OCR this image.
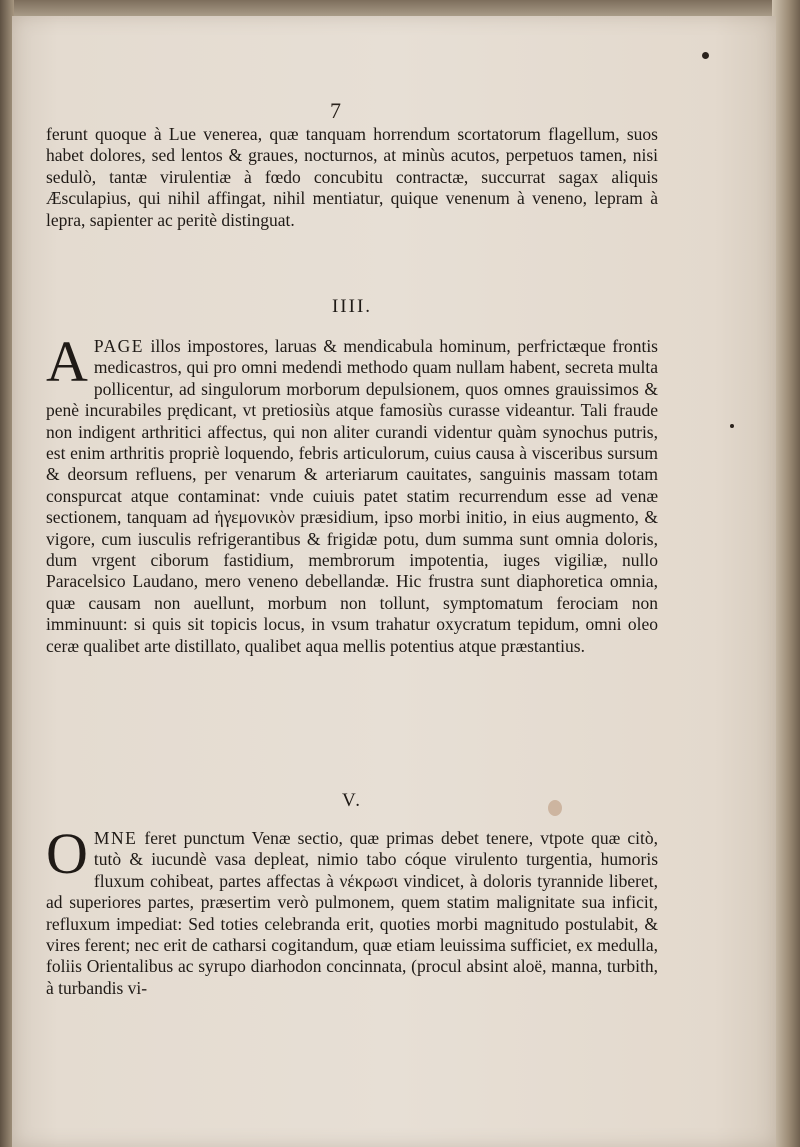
7
ferunt quoque à Lue venerea, quæ tanquam horrendum scortatorum flagellum, suos habet dolores, sed lentos & graues, nocturnos, at minùs acutos, perpetuos tamen, nisi sedulò, tantæ virulentiæ à fœdo concubitu contractæ, succurrat sagax aliquis Æsculapius, qui nihil affingat, nihil mentiatur, quique venenum à veneno, lepram à lepra, sapienter ac peritè distinguat.
IIII.
APAGE illos impostores, laruas & mendicabula hominum, perfrictæque frontis medicastros, qui pro omni medendi methodo quam nullam habent, secreta multa pollicentur, ad singulorum morborum depulsionem, quos omnes grauissimos & penè incurabiles prędicant, vt pretiosiùs atque famosiùs curasse videantur. Tali fraude non indigent arthritici affectus, qui non aliter curandi videntur quàm synochus putris, est enim arthritis propriè loquendo, febris articulorum, cuius causa à visceribus sursum & deorsum refluens, per venarum & arteriarum cauitates, sanguinis massam totam conspurcat atque contaminat: vnde cuiuis patet statim recurrendum esse ad venæ sectionem, tanquam ad ἡγεμονικὸν præsidium, ipso morbi initio, in eius augmento, & vigore, cum iusculis refrigerantibus & frigidæ potu, dum summa sunt omnia doloris, dum vrgent ciborum fastidium, membrorum impotentia, iuges vigiliæ, nullo Paracelsico Laudano, mero veneno debellandæ. Hic frustra sunt diaphoretica omnia, quæ causam non auellunt, morbum non tollunt, symptomatum ferociam non imminuunt: si quis sit topicis locus, in vsum trahatur oxycratum tepidum, omni oleo ceræ qualibet arte distillato, qualibet aqua mellis potentius atque præstantius.
V.
OMNE feret punctum Venæ sectio, quæ primas debet tenere, vtpote quæ citò, tutò & iucundè vasa depleat, nimio tabo cóque virulento turgentia, humoris fluxum cohibeat, partes affectas à νέκρωσι vindicet, à doloris tyrannide liberet, ad superiores partes, præsertim verò pulmonem, quem statim malignitate sua inficit, refluxum impediat: Sed toties celebranda erit, quoties morbi magnitudo postulabit, & vires ferent; nec erit de catharsi cogitandum, quæ etiam leuissima sufficiet, ex medulla, foliis Orientalibus ac syrupo diarhodon concinnata, (procul absint aloë, manna, turbith, à turbandis vi-
